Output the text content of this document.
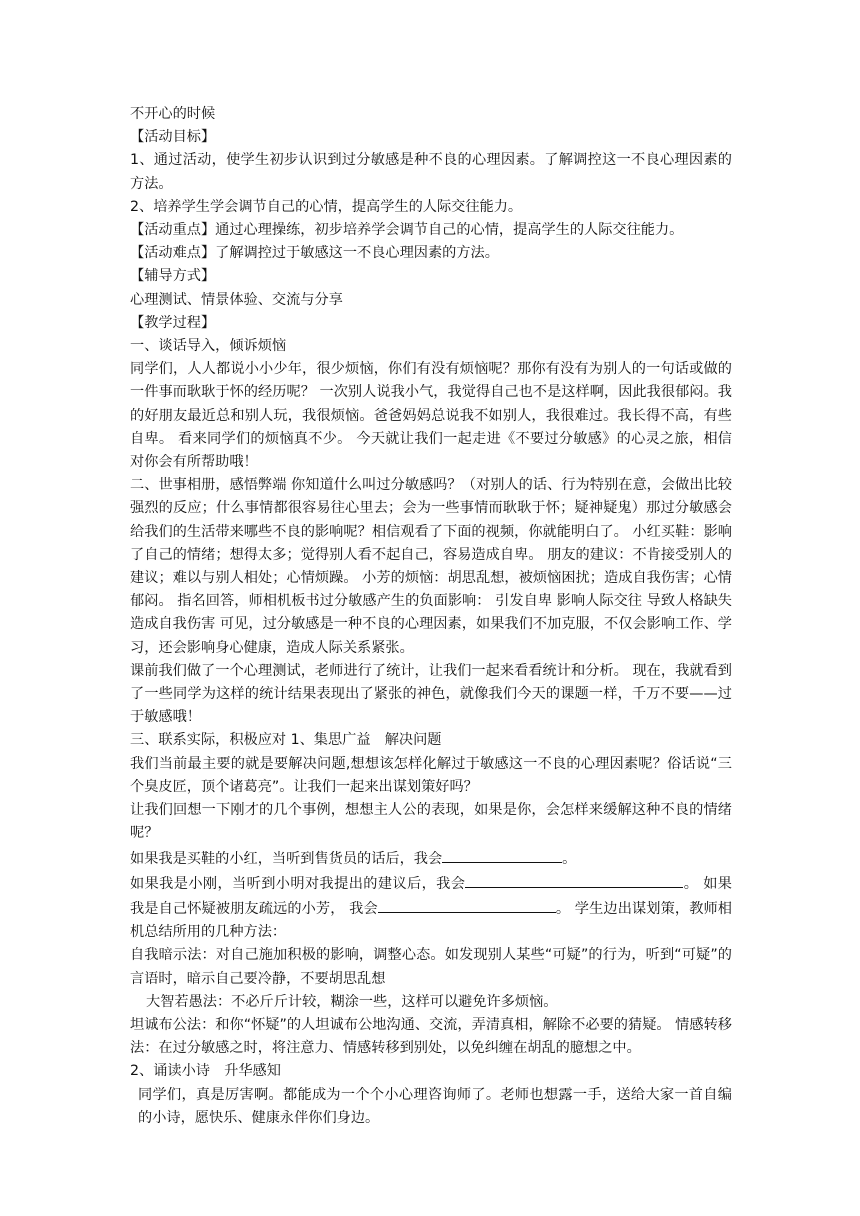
不开心的时候

【活动目标】

1、通过活动，使学生初步认识到过分敏感是种不良的心理因素。了解调控这一不良心理因素的方法。

2、培养学生学会调节自己的心情，提高学生的人际交往能力。

【活动重点】通过心理操练，初步培养学会调节自己的心情，提高学生的人际交往能力。

【活动难点】了解调控过于敏感这一不良心理因素的方法。

【辅导方式】

心理测试、情景体验、交流与分享

【教学过程】

一、谈话导入，倾诉烦恼

同学们，人人都说小小少年，很少烦恼，你们有没有烦恼呢？那你有没有为别人的一句话或做的一件事而耿耿于怀的经历呢？ 一次别人说我小气，我觉得自己也不是这样啊，因此我很郁闷。我的好朋友最近总和别人玩，我很烦恼。爸爸妈妈总说我不如别人，我很难过。我长得不高，有些自卑。 看来同学们的烦恼真不少。 今天就让我们一起走进《不要过分敏感》的心灵之旅，相信对你会有所帮助哦！

二、世事相册，感悟弊端 你知道什么叫过分敏感吗？（对别人的话、行为特别在意，会做出比较强烈的反应；什么事情都很容易往心里去；会为一些事情而耿耿于怀；疑神疑鬼）那过分敏感会给我们的生活带来哪些不良的影响呢？相信观看了下面的视频，你就能明白了。 小红买鞋：影响了自己的情绪；想得太多；觉得别人看不起自己，容易造成自卑。 朋友的建议：不肯接受别人的建议；难以与别人相处；心情烦躁。 小芳的烦恼：胡思乱想，被烦恼困扰；造成自我伤害；心情郁闷。 指名回答，师相机板书过分敏感产生的负面影响： 引发自卑 影响人际交往 导致人格缺失 造成自我伤害 可见，过分敏感是一种不良的心理因素，如果我们不加克服，不仅会影响工作、学习，还会影响身心健康，造成人际关系紧张。

课前我们做了一个心理测试，老师进行了统计，让我们一起来看看统计和分析。 现在，我就看到了一些同学为这样的统计结果表现出了紧张的神色，就像我们今天的课题一样，千万不要——过于敏感哦！

三、联系实际，积极应对 1、集思广益　解决问题

我们当前最主要的就是要解决问题,想想该怎样化解过于敏感这一不良的心理因素呢？俗话说“三个臭皮匠，顶个诸葛亮”。让我们一起来出谋划策好吗？

让我们回想一下刚才的几个事例，想想主人公的表现，如果是你，会怎样来缓解这种不良的情绪呢？

如果我是买鞋的小红，当听到售货员的话后，我会	。

如果我是小刚，当听到小明对我提出的建议后，我会	。 如果我是自己怀疑被朋友疏远的小芳， 我会	。 学生边出谋划策，教师相机总结所用的几种方法：

自我暗示法：对自己施加积极的影响，调整心态。如发现别人某些“可疑”的行为，听到“可疑”的言语时，暗示自己要冷静，不要胡思乱想

大智若愚法：不必斤斤计较，糊涂一些，这样可以避免许多烦恼。

坦诚布公法：和你“怀疑”的人坦诚布公地沟通、交流，弄清真相，解除不必要的猜疑。 情感转移法：在过分敏感之时，将注意力、情感转移到别处，以免纠缠在胡乱的臆想之中。

2、诵读小诗　升华感知

同学们，真是厉害啊。都能成为一个个小心理咨询师了。老师也想露一手，送给大家一首自编的小诗，愿快乐、健康永伴你们身边。
